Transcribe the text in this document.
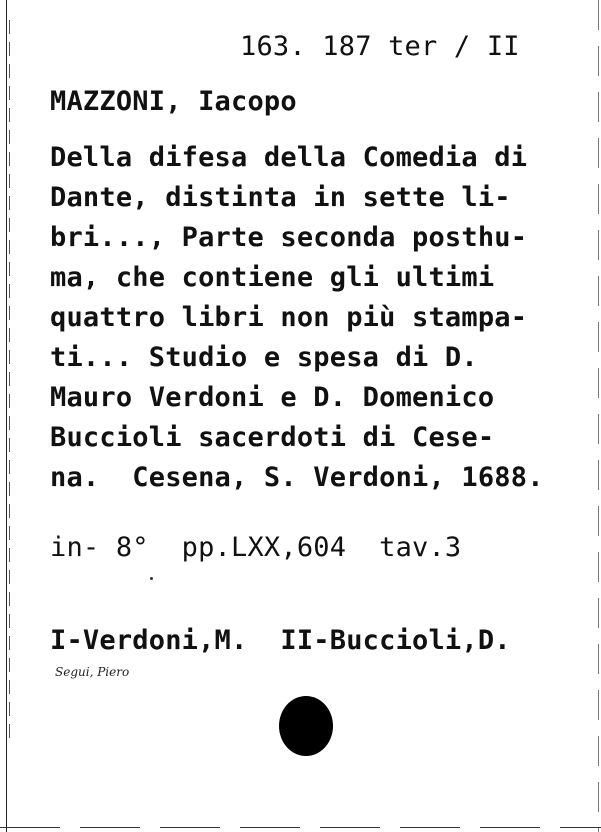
163. 187 ter / II

MAZZONI, Iacopo

Della difesa della Comedia di

Dante, distinta in sette li-

bri..., Parte seconda posthu-

ma, che contiene gli ultimi

quattro libri non più stampa-

ti... Studio e spesa di D.

Mauro Verdoni e D. Domenico

Buccioli sacerdoti di Cese-

na.  Cesena, S. Verdoni, 1688.

in- 8°  pp.LXX,604  tav.3

I-Verdoni,M.  II-Buccioli,D.

Segui, Piero
